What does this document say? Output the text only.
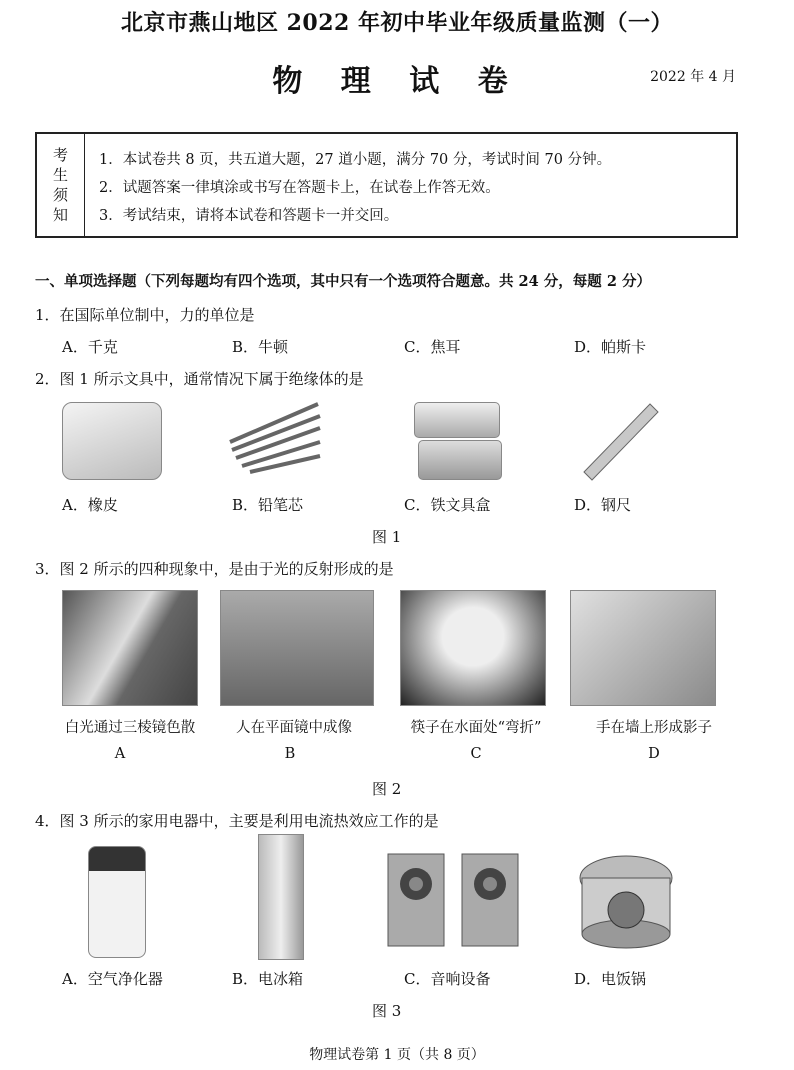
北京市燕山地区 2022 年初中毕业年级质量监测（一）
物 理 试 卷	2022 年 4 月
考
生
须
知
1．本试卷共 8 页，共五道大题，27 道小题，满分 70 分，考试时间 70 分钟。
2．试题答案一律填涂或书写在答题卡上，在试卷上作答无效。
3．考试结束，请将本试卷和答题卡一并交回。
一、单项选择题（下列每题均有四个选项，其中只有一个选项符合题意。共 24 分，每题 2 分）
1．在国际单位制中，力的单位是
A．千克	B．牛顿	C．焦耳	D．帕斯卡
2．图 1 所示文具中，通常情况下属于绝缘体的是
A．橡皮	B．铅笔芯	C．铁文具盒	D．钢尺
图 1
3．图 2 所示的四种现象中，是由于光的反射形成的是
白光通过三棱镜色散	人在平面镜中成像	筷子在水面处“弯折”	手在墙上形成影子
A	B	C	D
图 2
4．图 3 所示的家用电器中，主要是利用电流热效应工作的是
A．空气净化器	B．电冰箱	C．音响设备	D．电饭锅
图 3
物理试卷第 1 页（共 8 页）
